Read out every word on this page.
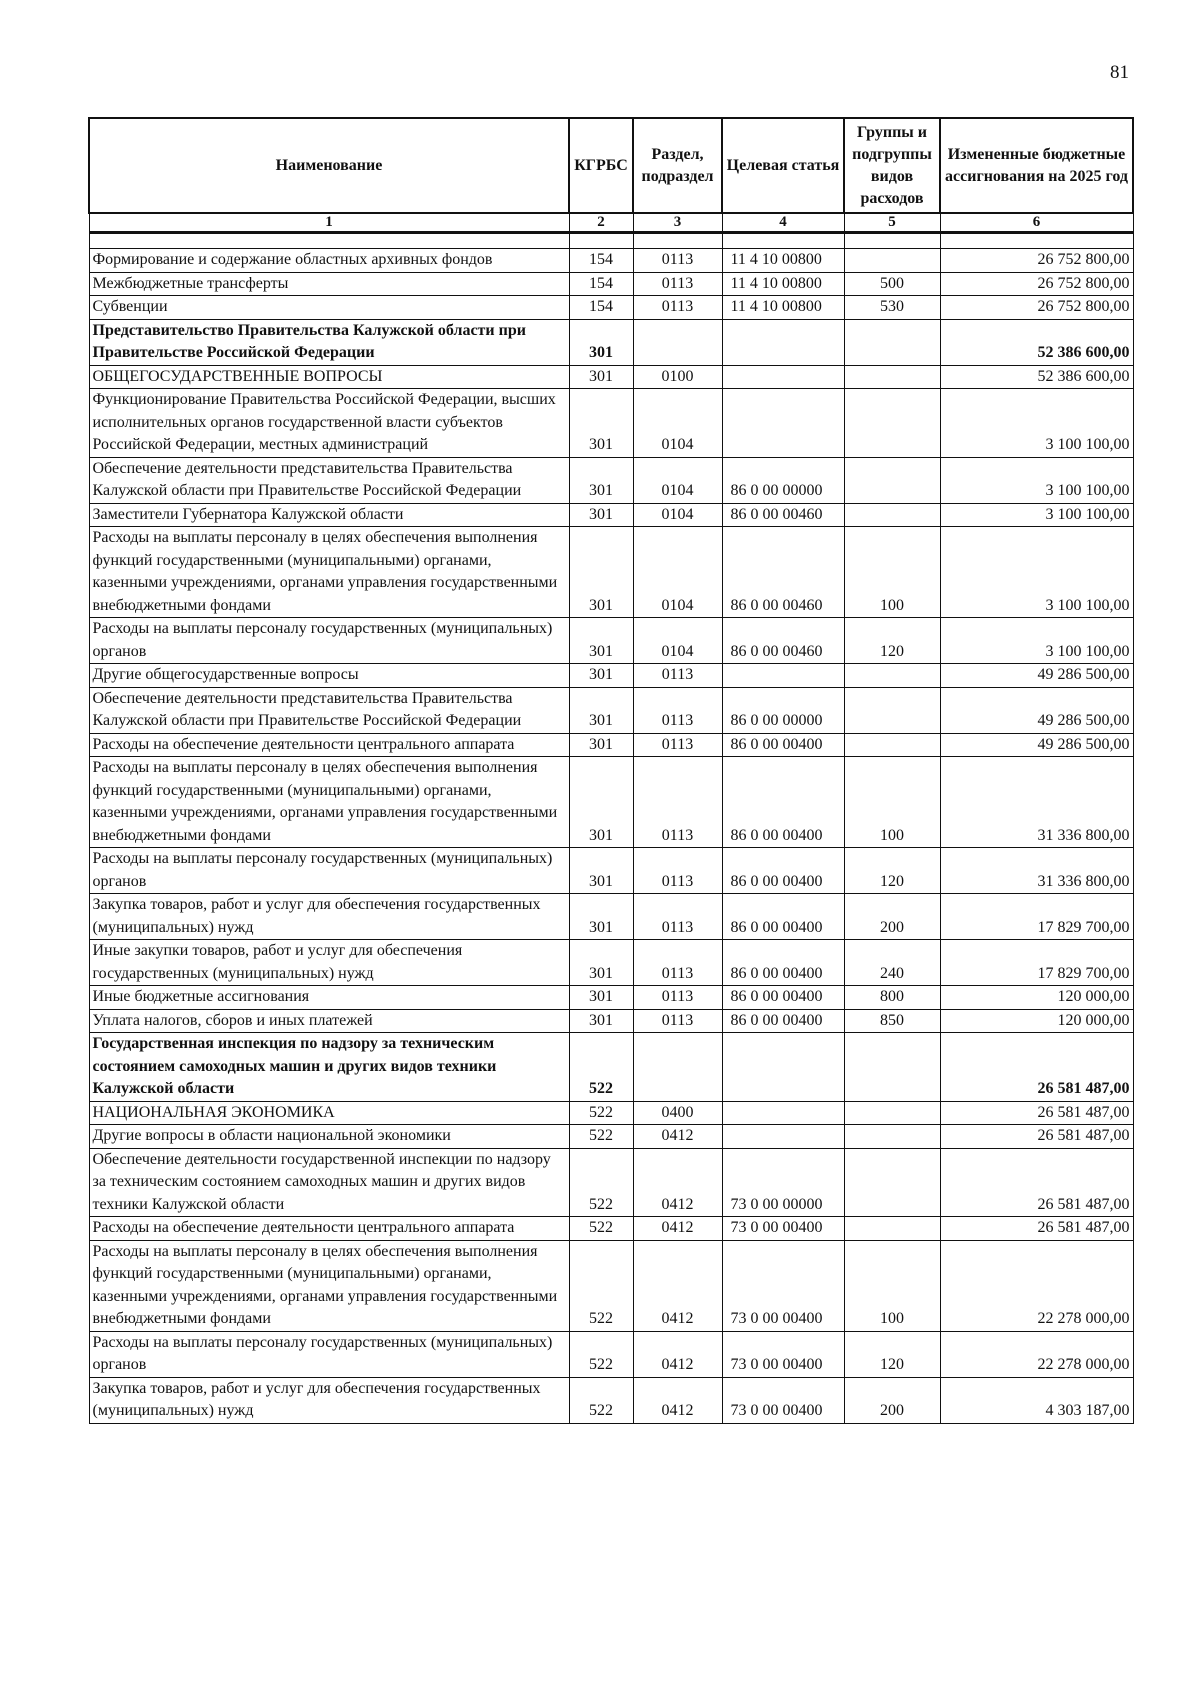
81
Наименование	КГРБС	Раздел, подраздел	Целевая статья	Группы и подгруппы видов расходов	Измененные бюджетные ассигнования на 2025 год
1	2	3	4	5	6

Формирование и содержание областных архивных фондов	154	0113	11 4 10 00800		26 752 800,00
Межбюджетные трансферты	154	0113	11 4 10 00800	500	26 752 800,00
Субвенции	154	0113	11 4 10 00800	530	26 752 800,00
Представительство Правительства Калужской области при Правительстве Российской Федерации	301				52 386 600,00
ОБЩЕГОСУДАРСТВЕННЫЕ ВОПРОСЫ	301	0100			52 386 600,00
Функционирование Правительства Российской Федерации, высших исполнительных органов государственной власти субъектов Российской Федерации, местных администраций	301	0104			3 100 100,00
Обеспечение деятельности представительства Правительства Калужской области при Правительстве Российской Федерации	301	0104	86 0 00 00000		3 100 100,00
Заместители Губернатора Калужской области	301	0104	86 0 00 00460		3 100 100,00
Расходы на выплаты персоналу в целях обеспечения выполнения функций государственными (муниципальными) органами, казенными учреждениями, органами управления государственными внебюджетными фондами	301	0104	86 0 00 00460	100	3 100 100,00
Расходы на выплаты персоналу государственных (муниципальных) органов	301	0104	86 0 00 00460	120	3 100 100,00
Другие общегосударственные вопросы	301	0113			49 286 500,00
Обеспечение деятельности представительства Правительства Калужской области при Правительстве Российской Федерации	301	0113	86 0 00 00000		49 286 500,00
Расходы на обеспечение деятельности центрального аппарата	301	0113	86 0 00 00400		49 286 500,00
Расходы на выплаты персоналу в целях обеспечения выполнения функций государственными (муниципальными) органами, казенными учреждениями, органами управления государственными внебюджетными фондами	301	0113	86 0 00 00400	100	31 336 800,00
Расходы на выплаты персоналу государственных (муниципальных) органов	301	0113	86 0 00 00400	120	31 336 800,00
Закупка товаров, работ и услуг для обеспечения государственных (муниципальных) нужд	301	0113	86 0 00 00400	200	17 829 700,00
Иные закупки товаров, работ и услуг для обеспечения государственных (муниципальных) нужд	301	0113	86 0 00 00400	240	17 829 700,00
Иные бюджетные ассигнования	301	0113	86 0 00 00400	800	120 000,00
Уплата налогов, сборов и иных платежей	301	0113	86 0 00 00400	850	120 000,00
Государственная инспекция по надзору за техническим состоянием самоходных машин и других видов техники Калужской области	522				26 581 487,00
НАЦИОНАЛЬНАЯ ЭКОНОМИКА	522	0400			26 581 487,00
Другие вопросы в области национальной экономики	522	0412			26 581 487,00
Обеспечение деятельности государственной инспекции по надзору за техническим состоянием самоходных машин и других видов техники Калужской области	522	0412	73 0 00 00000		26 581 487,00
Расходы на обеспечение деятельности центрального аппарата	522	0412	73 0 00 00400		26 581 487,00
Расходы на выплаты персоналу в целях обеспечения выполнения функций государственными (муниципальными) органами, казенными учреждениями, органами управления государственными внебюджетными фондами	522	0412	73 0 00 00400	100	22 278 000,00
Расходы на выплаты персоналу государственных (муниципальных) органов	522	0412	73 0 00 00400	120	22 278 000,00
Закупка товаров, работ и услуг для обеспечения государственных (муниципальных) нужд	522	0412	73 0 00 00400	200	4 303 187,00
